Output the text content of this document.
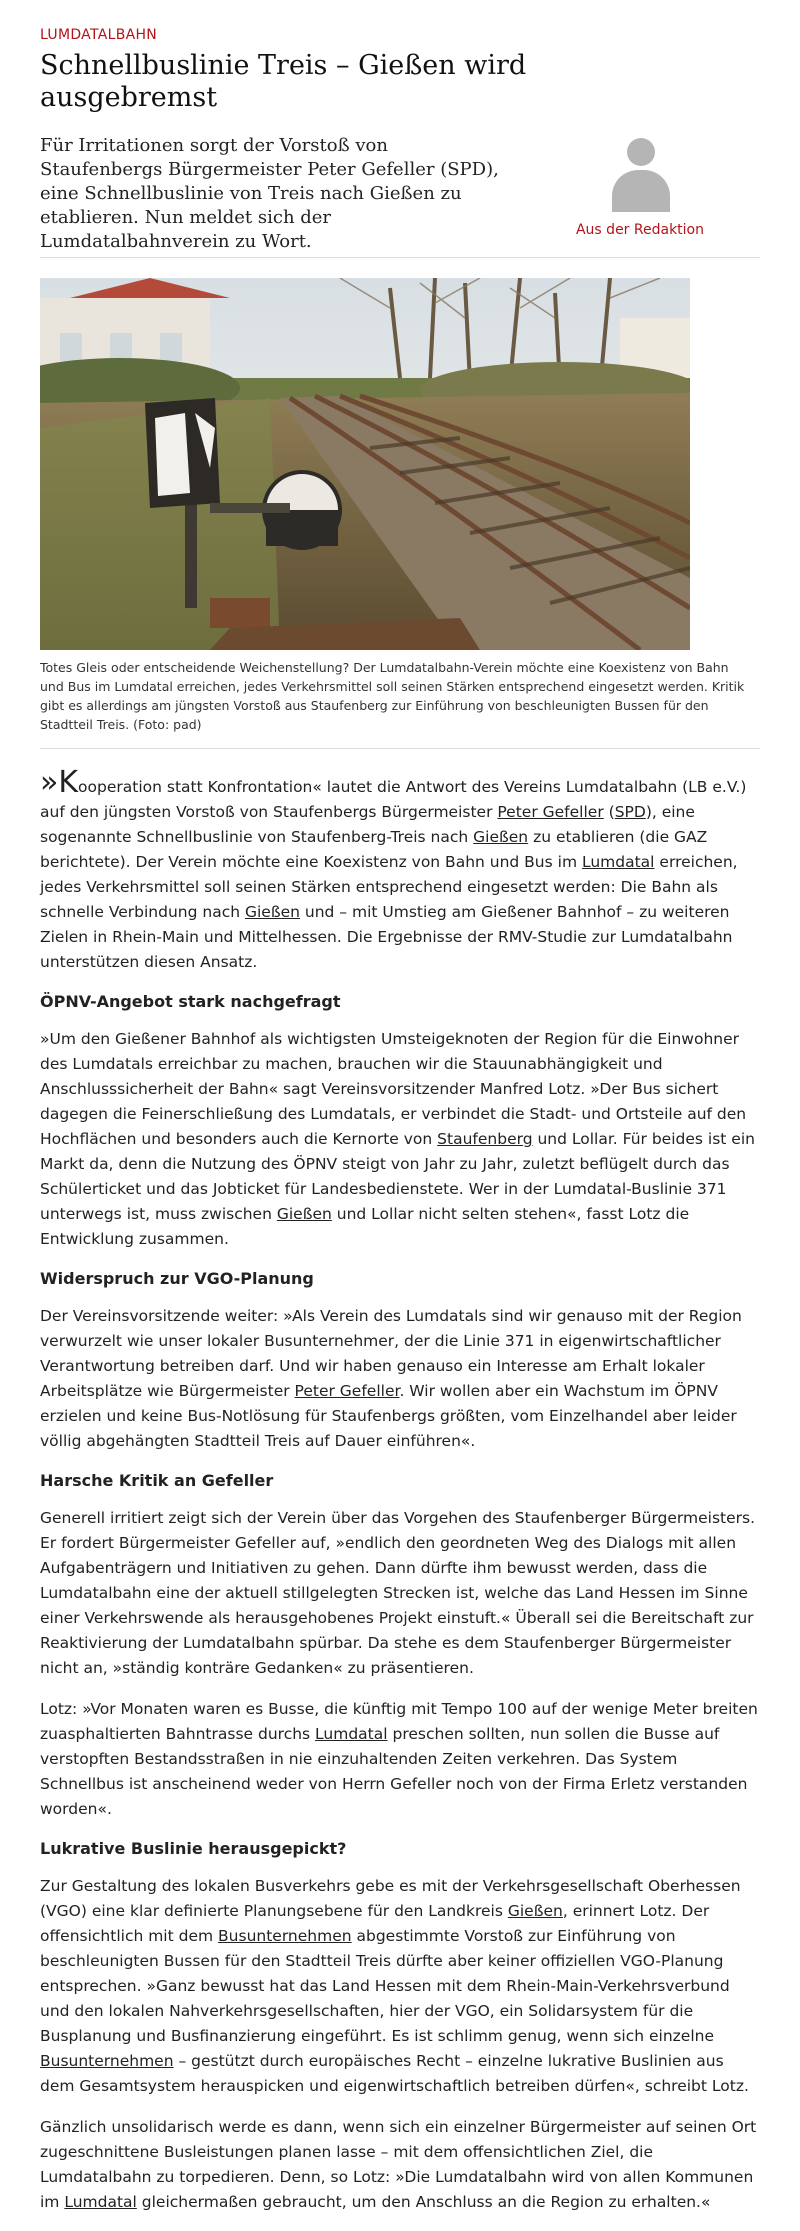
LUMDATALBAHN
Schnellbuslinie Treis – Gießen wird ausgebremst

Für Irritationen sorgt der Vorstoß von Staufenbergs Bürgermeister Peter Gefeller (SPD), eine Schnellbuslinie von Treis nach Gießen zu etablieren. Nun meldet sich der Lumdatalbahnverein zu Wort.

Aus der Redaktion

Totes Gleis oder entscheidende Weichenstellung? Der Lumdatalbahn-Verein möchte eine Koexistenz von Bahn und Bus im Lumdatal erreichen, jedes Verkehrsmittel soll seinen Stärken entsprechend eingesetzt werden. Kritik gibt es allerdings am jüngsten Vorstoß aus Staufenberg zur Einführung von beschleunigten Bussen für den Stadtteil Treis. (Foto: pad)

»Kooperation statt Konfrontation« lautet die Antwort des Vereins Lumdatalbahn (LB e.V.) auf den jüngsten Vorstoß von Staufenbergs Bürgermeister Peter Gefeller (SPD), eine sogenannte Schnellbuslinie von Staufenberg-Treis nach Gießen zu etablieren (die GAZ berichtete). Der Verein möchte eine Koexistenz von Bahn und Bus im Lumdatal erreichen, jedes Verkehrsmittel soll seinen Stärken entsprechend eingesetzt werden: Die Bahn als schnelle Verbindung nach Gießen und – mit Umstieg am Gießener Bahnhof – zu weiteren Zielen in Rhein-Main und Mittelhessen. Die Ergebnisse der RMV-Studie zur Lumdatalbahn unterstützen diesen Ansatz.

ÖPNV-Angebot stark nachgefragt

»Um den Gießener Bahnhof als wichtigsten Umsteigeknoten der Region für die Einwohner des Lumdatals erreichbar zu machen, brauchen wir die Stauunabhängigkeit und Anschlusssicherheit der Bahn« sagt Vereinsvorsitzender Manfred Lotz. »Der Bus sichert dagegen die Feinerschließung des Lumdatals, er verbindet die Stadt- und Ortsteile auf den Hochflächen und besonders auch die Kernorte von Staufenberg und Lollar. Für beides ist ein Markt da, denn die Nutzung des ÖPNV steigt von Jahr zu Jahr, zuletzt beflügelt durch das Schülerticket und das Jobticket für Landesbedienstete. Wer in der Lumdatal-Buslinie 371 unterwegs ist, muss zwischen Gießen und Lollar nicht selten stehen«, fasst Lotz die Entwicklung zusammen.

Widerspruch zur VGO-Planung

Der Vereinsvorsitzende weiter: »Als Verein des Lumdatals sind wir genauso mit der Region verwurzelt wie unser lokaler Busunternehmer, der die Linie 371 in eigenwirtschaftlicher Verantwortung betreiben darf. Und wir haben genauso ein Interesse am Erhalt lokaler Arbeitsplätze wie Bürgermeister Peter Gefeller. Wir wollen aber ein Wachstum im ÖPNV erzielen und keine Bus-Notlösung für Staufenbergs größten, vom Einzelhandel aber leider völlig abgehängten Stadtteil Treis auf Dauer einführen«.

Harsche Kritik an Gefeller

Generell irritiert zeigt sich der Verein über das Vorgehen des Staufenberger Bürgermeisters. Er fordert Bürgermeister Gefeller auf, »endlich den geordneten Weg des Dialogs mit allen Aufgabenträgern und Initiativen zu gehen. Dann dürfte ihm bewusst werden, dass die Lumdatalbahn eine der aktuell stillgelegten Strecken ist, welche das Land Hessen im Sinne einer Verkehrswende als herausgehobenes Projekt einstuft.« Überall sei die Bereitschaft zur Reaktivierung der Lumdatalbahn spürbar. Da stehe es dem Staufenberger Bürgermeister nicht an, »ständig konträre Gedanken« zu präsentieren.

Lotz: »Vor Monaten waren es Busse, die künftig mit Tempo 100 auf der wenige Meter breiten zuasphaltierten Bahntrasse durchs Lumdatal preschen sollten, nun sollen die Busse auf verstopften Bestandsstraßen in nie einzuhaltenden Zeiten verkehren. Das System Schnellbus ist anscheinend weder von Herrn Gefeller noch von der Firma Erletz verstanden worden«.

Lukrative Buslinie herausgepickt?

Zur Gestaltung des lokalen Busverkehrs gebe es mit der Verkehrsgesellschaft Oberhessen (VGO) eine klar definierte Planungsebene für den Landkreis Gießen, erinnert Lotz. Der offensichtlich mit dem Busunternehmen abgestimmte Vorstoß zur Einführung von beschleunigten Bussen für den Stadtteil Treis dürfte aber keiner offiziellen VGO-Planung entsprechen. »Ganz bewusst hat das Land Hessen mit dem Rhein-Main-Verkehrsverbund und den lokalen Nahverkehrsgesellschaften, hier der VGO, ein Solidarsystem für die Busplanung und Busfinanzierung eingeführt. Es ist schlimm genug, wenn sich einzelne Busunternehmen – gestützt durch europäisches Recht – einzelne lukrative Buslinien aus dem Gesamtsystem herauspicken und eigenwirtschaftlich betreiben dürfen«, schreibt Lotz.

Gänzlich unsolidarisch werde es dann, wenn sich ein einzelner Bürgermeister auf seinen Ort zugeschnittene Busleistungen planen lasse – mit dem offensichtlichen Ziel, die Lumdatalbahn zu torpedieren. Denn, so Lotz: »Die Lumdatalbahn wird von allen Kommunen im Lumdatal gleichermaßen gebraucht, um den Anschluss an die Region zu erhalten.«
